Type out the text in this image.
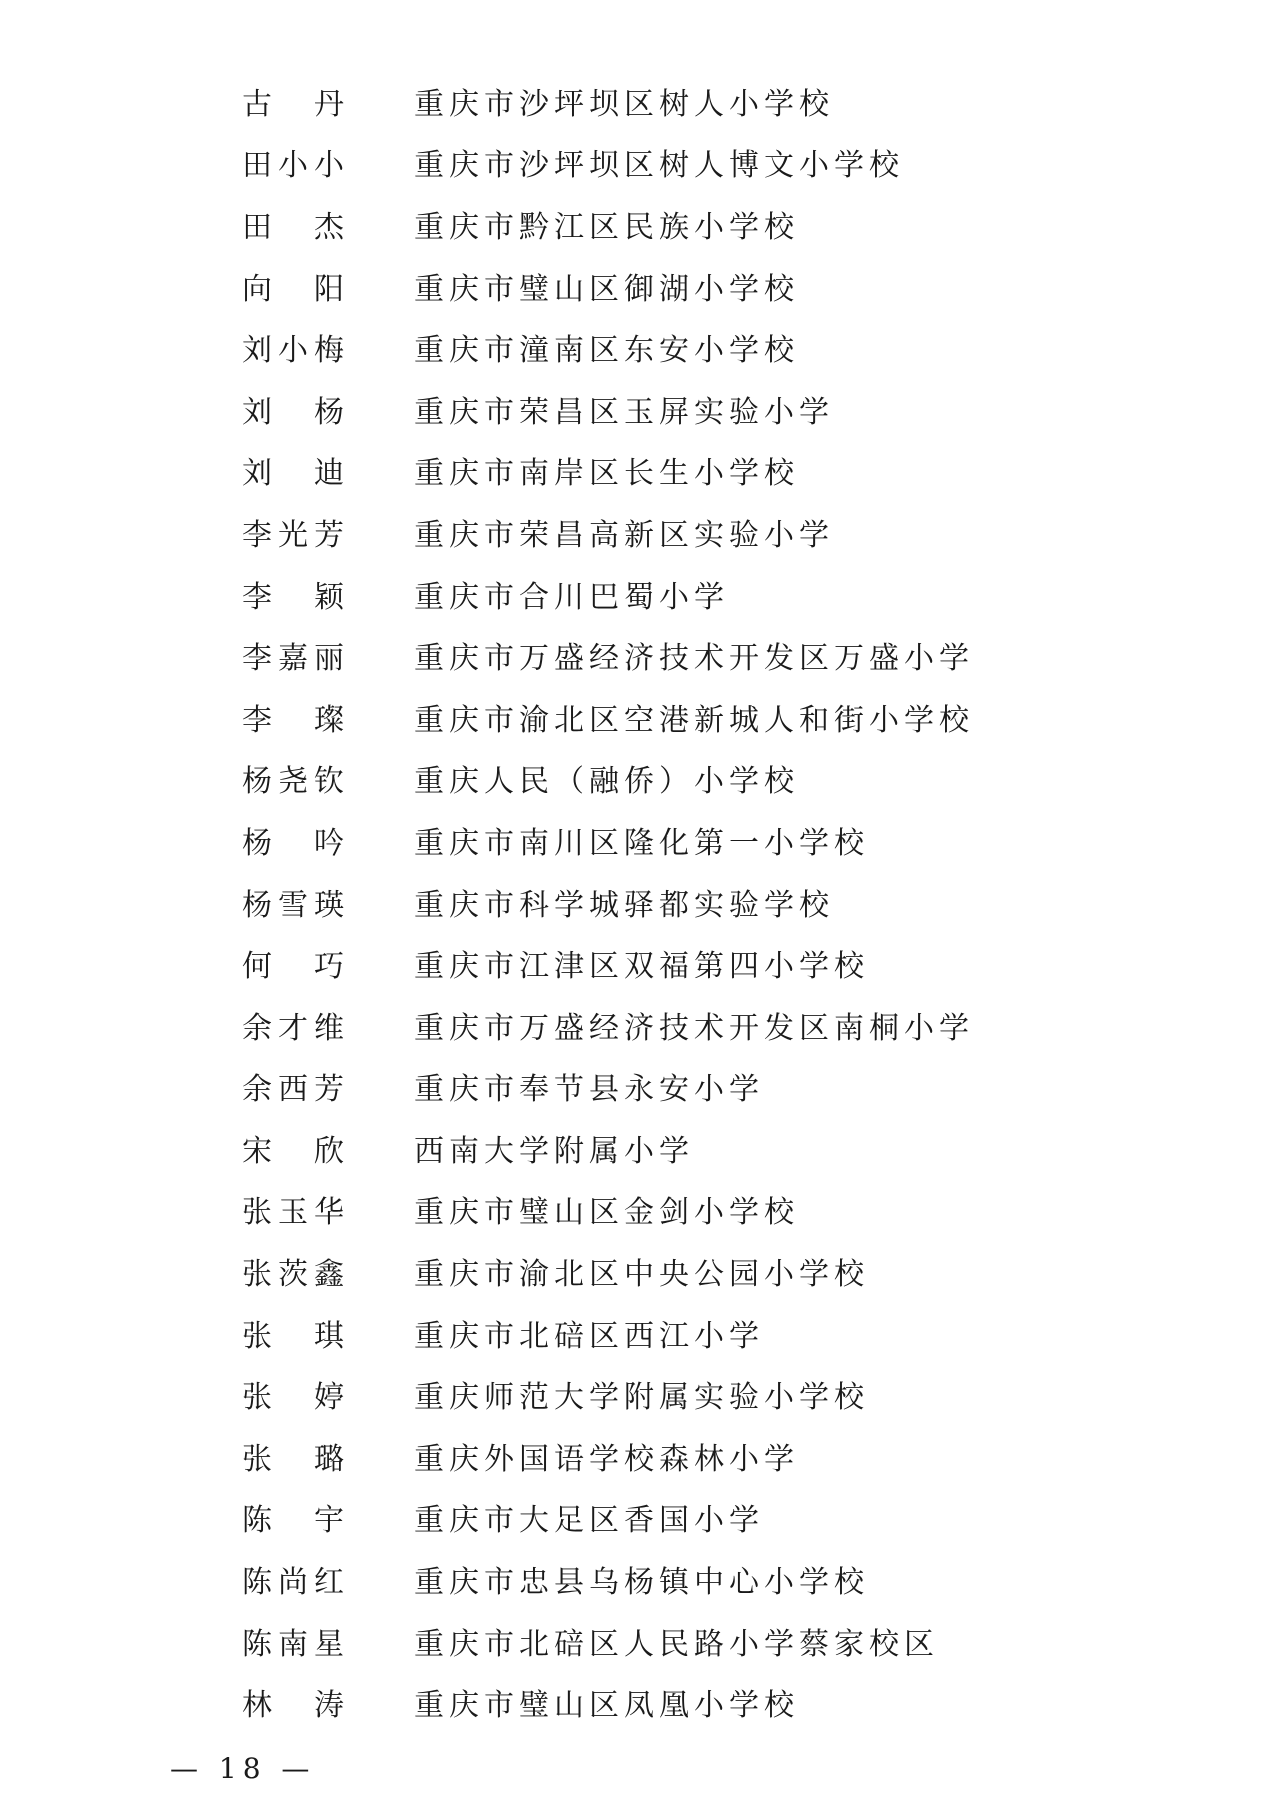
古 丹 重庆市沙坪坝区树人小学校
田 小 小 重庆市沙坪坝区树人博文小学校
田 杰 重庆市黔江区民族小学校
向 阳 重庆市璧山区御湖小学校
刘 小 梅 重庆市潼南区东安小学校
刘 杨 重庆市荣昌区玉屏实验小学
刘 迪 重庆市南岸区长生小学校
李 光 芳 重庆市荣昌高新区实验小学
李 颖 重庆市合川巴蜀小学
李 嘉 丽 重庆市万盛经济技术开发区万盛小学
李 璨 重庆市渝北区空港新城人和街小学校
杨 尧 钦 重庆人民（融侨）小学校
杨 吟 重庆市南川区隆化第一小学校
杨 雪 瑛 重庆市科学城驿都实验学校
何 巧 重庆市江津区双福第四小学校
余 才 维 重庆市万盛经济技术开发区南桐小学
余 西 芳 重庆市奉节县永安小学
宋 欣 西南大学附属小学
张 玉 华 重庆市璧山区金剑小学校
张 茨 鑫 重庆市渝北区中央公园小学校
张 琪 重庆市北碚区西江小学
张 婷 重庆师范大学附属实验小学校
张 璐 重庆外国语学校森林小学
陈 宇 重庆市大足区香国小学
陈 尚 红 重庆市忠县乌杨镇中心小学校
陈 南 星 重庆市北碚区人民路小学蔡家校区
林 涛 重庆市璧山区凤凰小学校
— 18 —
